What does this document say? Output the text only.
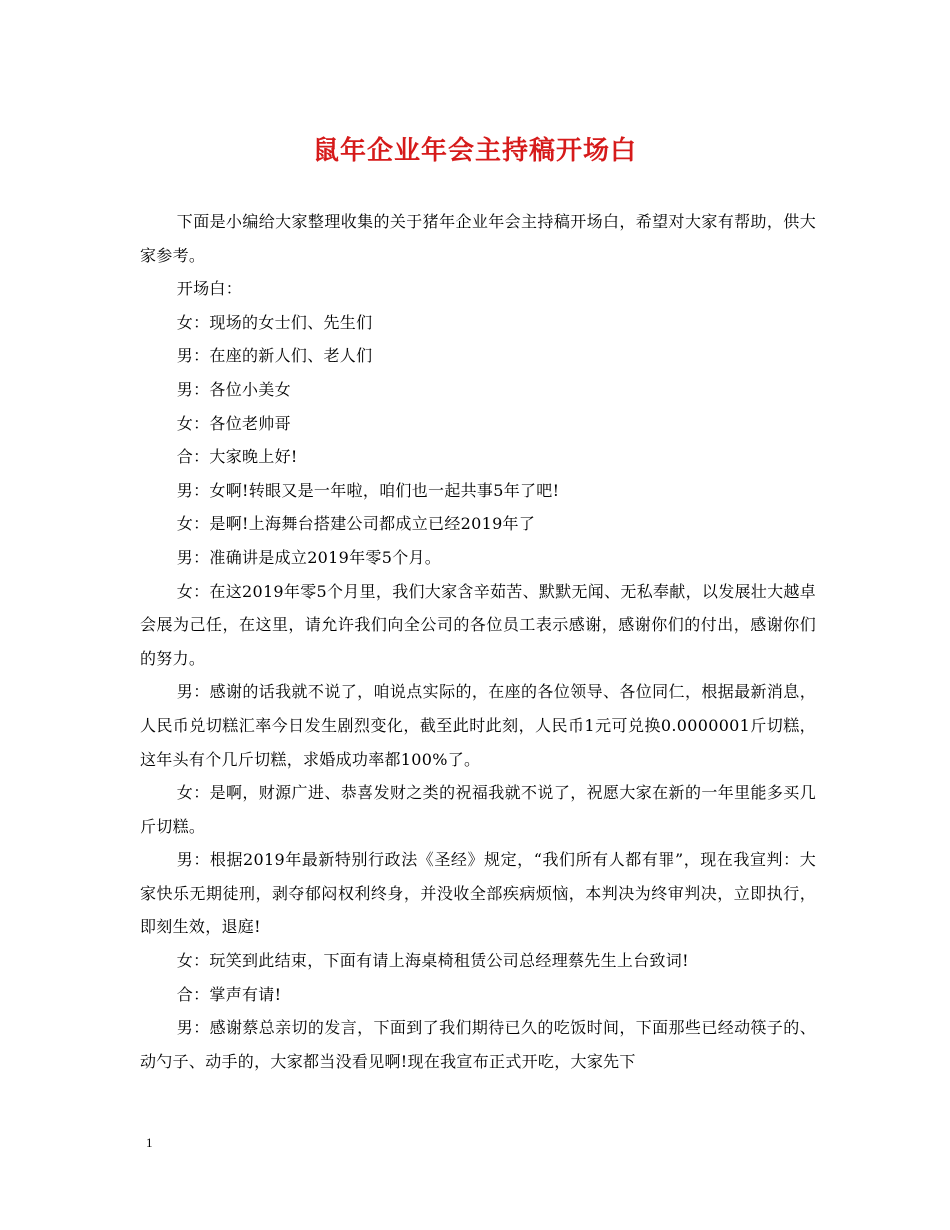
鼠年企业年会主持稿开场白

下面是小编给大家整理收集的关于猪年企业年会主持稿开场白，希望对大家有帮助，供大家参考。

开场白：

女：现场的女士们、先生们

男：在座的新人们、老人们

男：各位小美女

女：各位老帅哥

合：大家晚上好!

男：女啊!转眼又是一年啦，咱们也一起共事5年了吧!

女：是啊!上海舞台搭建公司都成立已经2019年了

男：准确讲是成立2019年零5个月。

女：在这2019年零5个月里，我们大家含辛茹苦、默默无闻、无私奉献，以发展壮大越卓会展为己任，在这里，请允许我们向全公司的各位员工表示感谢，感谢你们的付出，感谢你们的努力。

男：感谢的话我就不说了，咱说点实际的，在座的各位领导、各位同仁，根据最新消息，人民币兑切糕汇率今日发生剧烈变化，截至此时此刻，人民币1元可兑换0.0000001斤切糕，这年头有个几斤切糕，求婚成功率都100%了。

女：是啊，财源广进、恭喜发财之类的祝福我就不说了，祝愿大家在新的一年里能多买几斤切糕。

男：根据2019年最新特别行政法《圣经》规定，“我们所有人都有罪”，现在我宣判：大家快乐无期徒刑，剥夺郁闷权利终身，并没收全部疾病烦恼，本判决为终审判决，立即执行，即刻生效，退庭!

女：玩笑到此结束，下面有请上海桌椅租赁公司总经理蔡先生上台致词!

合：掌声有请!

男：感谢蔡总亲切的发言，下面到了我们期待已久的吃饭时间，下面那些已经动筷子的、动勺子、动手的，大家都当没看见啊!现在我宣布正式开吃，大家先下

1
